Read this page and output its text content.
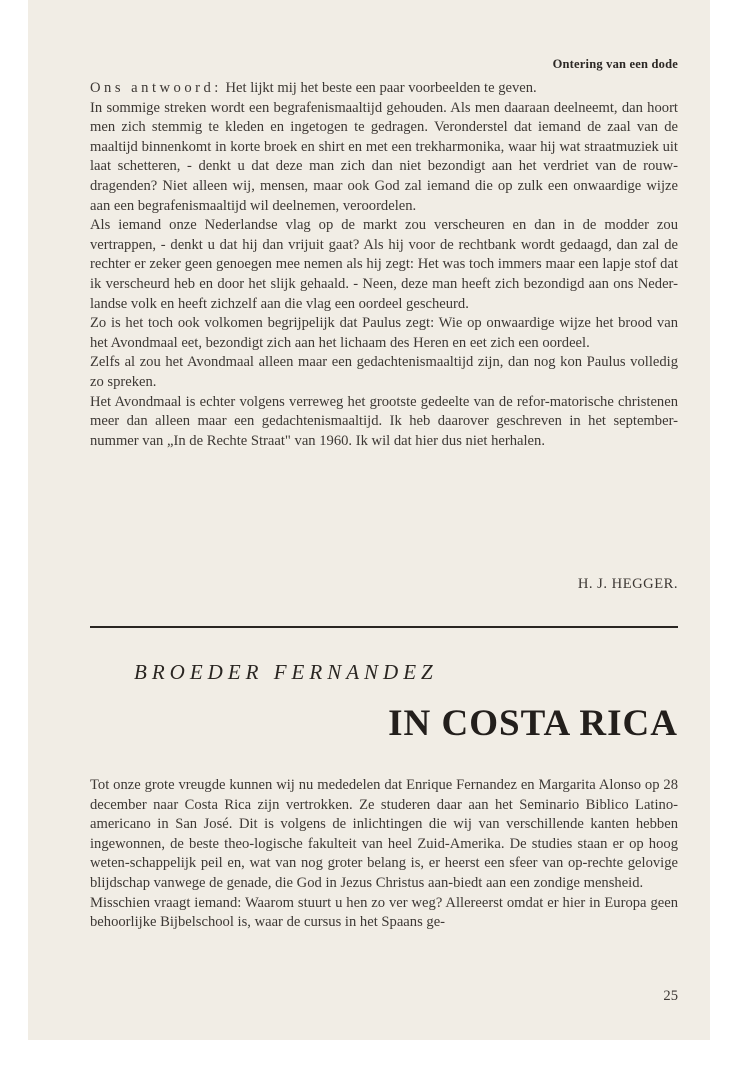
Ontering van een dode

Ons antwoord: Het lijkt mij het beste een paar voorbeelden te geven.

In sommige streken wordt een begrafenismaaltijd gehouden. Als men daaraan deelneemt, dan hoort men zich stemmig te kleden en ingetogen te gedragen. Veronderstel dat iemand de zaal van de maaltijd binnenkomt in korte broek en shirt en met een trekharmonika, waar hij wat straatmuziek uit laat schetteren, - denkt u dat deze man zich dan niet bezondigt aan het verdriet van de rouw-dragenden? Niet alleen wij, mensen, maar ook God zal iemand die op zulk een onwaardige wijze aan een begrafenismaaltijd wil deelnemen, veroordelen.

Als iemand onze Nederlandse vlag op de markt zou verscheuren en dan in de modder zou vertrappen, - denkt u dat hij dan vrijuit gaat? Als hij voor de rechtbank wordt gedaagd, dan zal de rechter er zeker geen genoegen mee nemen als hij zegt: Het was toch immers maar een lapje stof dat ik verscheurd heb en door het slijk gehaald. - Neen, deze man heeft zich bezondigd aan ons Neder-landse volk en heeft zichzelf aan die vlag een oordeel gescheurd.

Zo is het toch ook volkomen begrijpelijk dat Paulus zegt: Wie op onwaardige wijze het brood van het Avondmaal eet, bezondigt zich aan het lichaam des Heren en eet zich een oordeel.

Zelfs al zou het Avondmaal alleen maar een gedachtenismaaltijd zijn, dan nog kon Paulus volledig zo spreken.

Het Avondmaal is echter volgens verreweg het grootste gedeelte van de refor-matorische christenen meer dan alleen maar een gedachtenismaaltijd. Ik heb daarover geschreven in het september-nummer van „In de Rechte Straat" van 1960. Ik wil dat hier dus niet herhalen.

H. J. HEGGER.
BROEDER FERNANDEZ
IN COSTA RICA

Tot onze grote vreugde kunnen wij nu mededelen dat Enrique Fernandez en Margarita Alonso op 28 december naar Costa Rica zijn vertrokken. Ze studeren daar aan het Seminario Biblico Latino-americano in San José. Dit is volgens de inlichtingen die wij van verschillende kanten hebben ingewonnen, de beste theo-logische fakulteit van heel Zuid-Amerika. De studies staan er op hoog weten-schappelijk peil en, wat van nog groter belang is, er heerst een sfeer van op-rechte gelovige blijdschap vanwege de genade, die God in Jezus Christus aan-biedt aan een zondige mensheid.

Misschien vraagt iemand: Waarom stuurt u hen zo ver weg? Allereerst omdat er hier in Europa geen behoorlijke Bijbelschool is, waar de cursus in het Spaans ge-

25
